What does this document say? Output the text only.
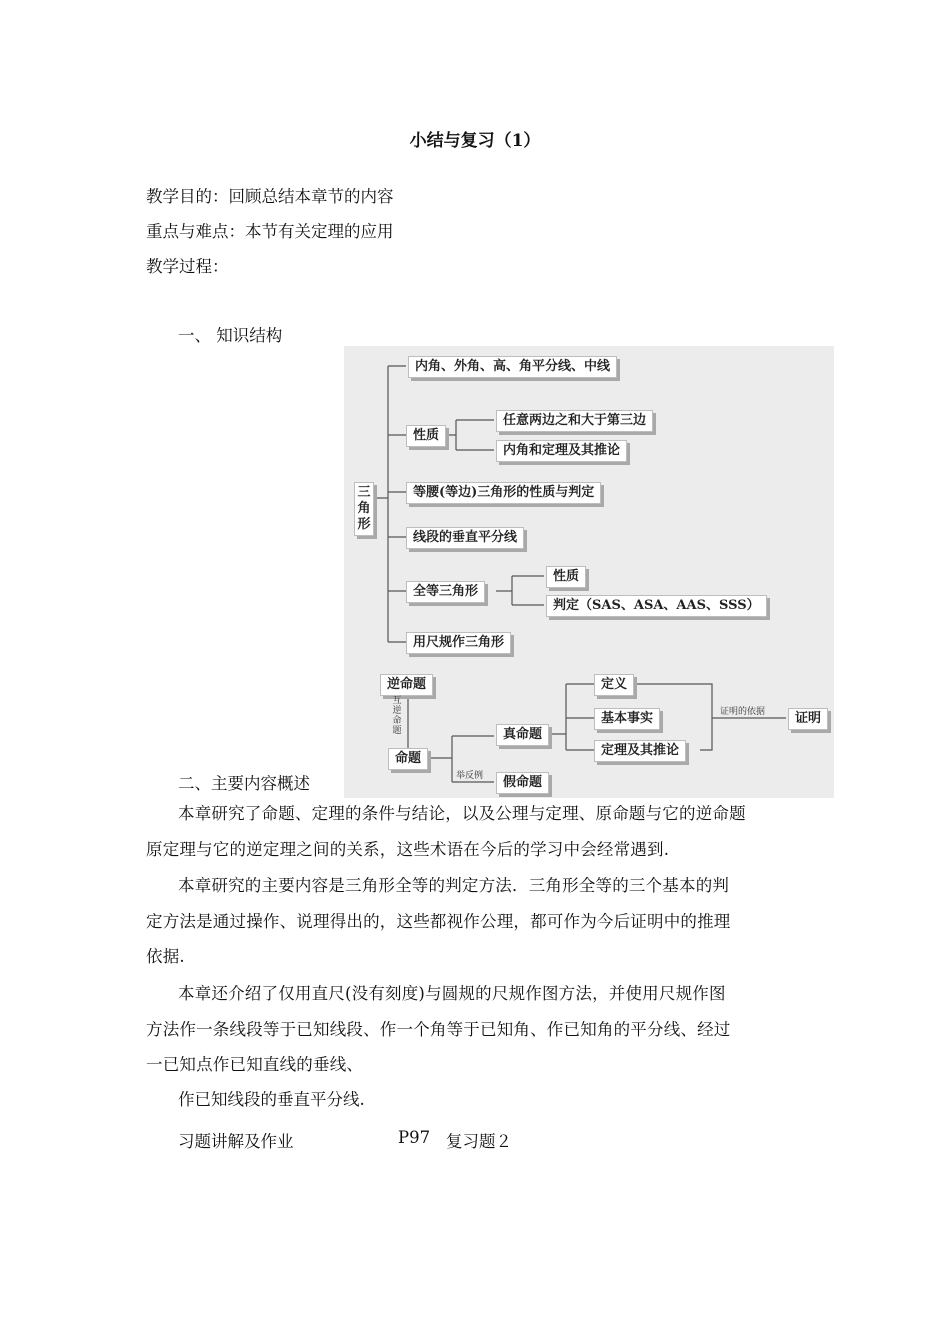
小结与复习（1）
教学目的：回顾总结本章节的内容
重点与难点：本节有关定理的应用
教学过程：
一、 知识结构
三
角
形
内角、外角、高、角平分线、中线
性质
任意两边之和大于第三边
内角和定理及其推论
等腰(等边)三角形的性质与判定
线段的垂直平分线
全等三角形
性质
判定（SAS、ASA、AAS、SSS）
用尺规作三角形
逆命题
互
逆
命
题
命题
真命题
举反例	假命题
定义
基本事实
定理及其推论
证明的依据	证明
二、主要内容概述
本章研究了命题、定理的条件与结论，以及公理与定理、原命题与它的逆命题
原定理与它的逆定理之间的关系，这些术语在今后的学习中会经常遇到.
本章研究的主要内容是三角形全等的判定方法．三角形全等的三个基本的判
定方法是通过操作、说理得出的，这些都视作公理，都可作为今后证明中的推理
依据.
本章还介绍了仅用直尺(没有刻度)与圆规的尺规作图方法，并使用尺规作图
方法作一条线段等于已知线段、作一个角等于已知角、作已知角的平分线、经过
一已知点作已知直线的垂线、
作已知线段的垂直平分线.
习题讲解及作业	P97 复习题２
